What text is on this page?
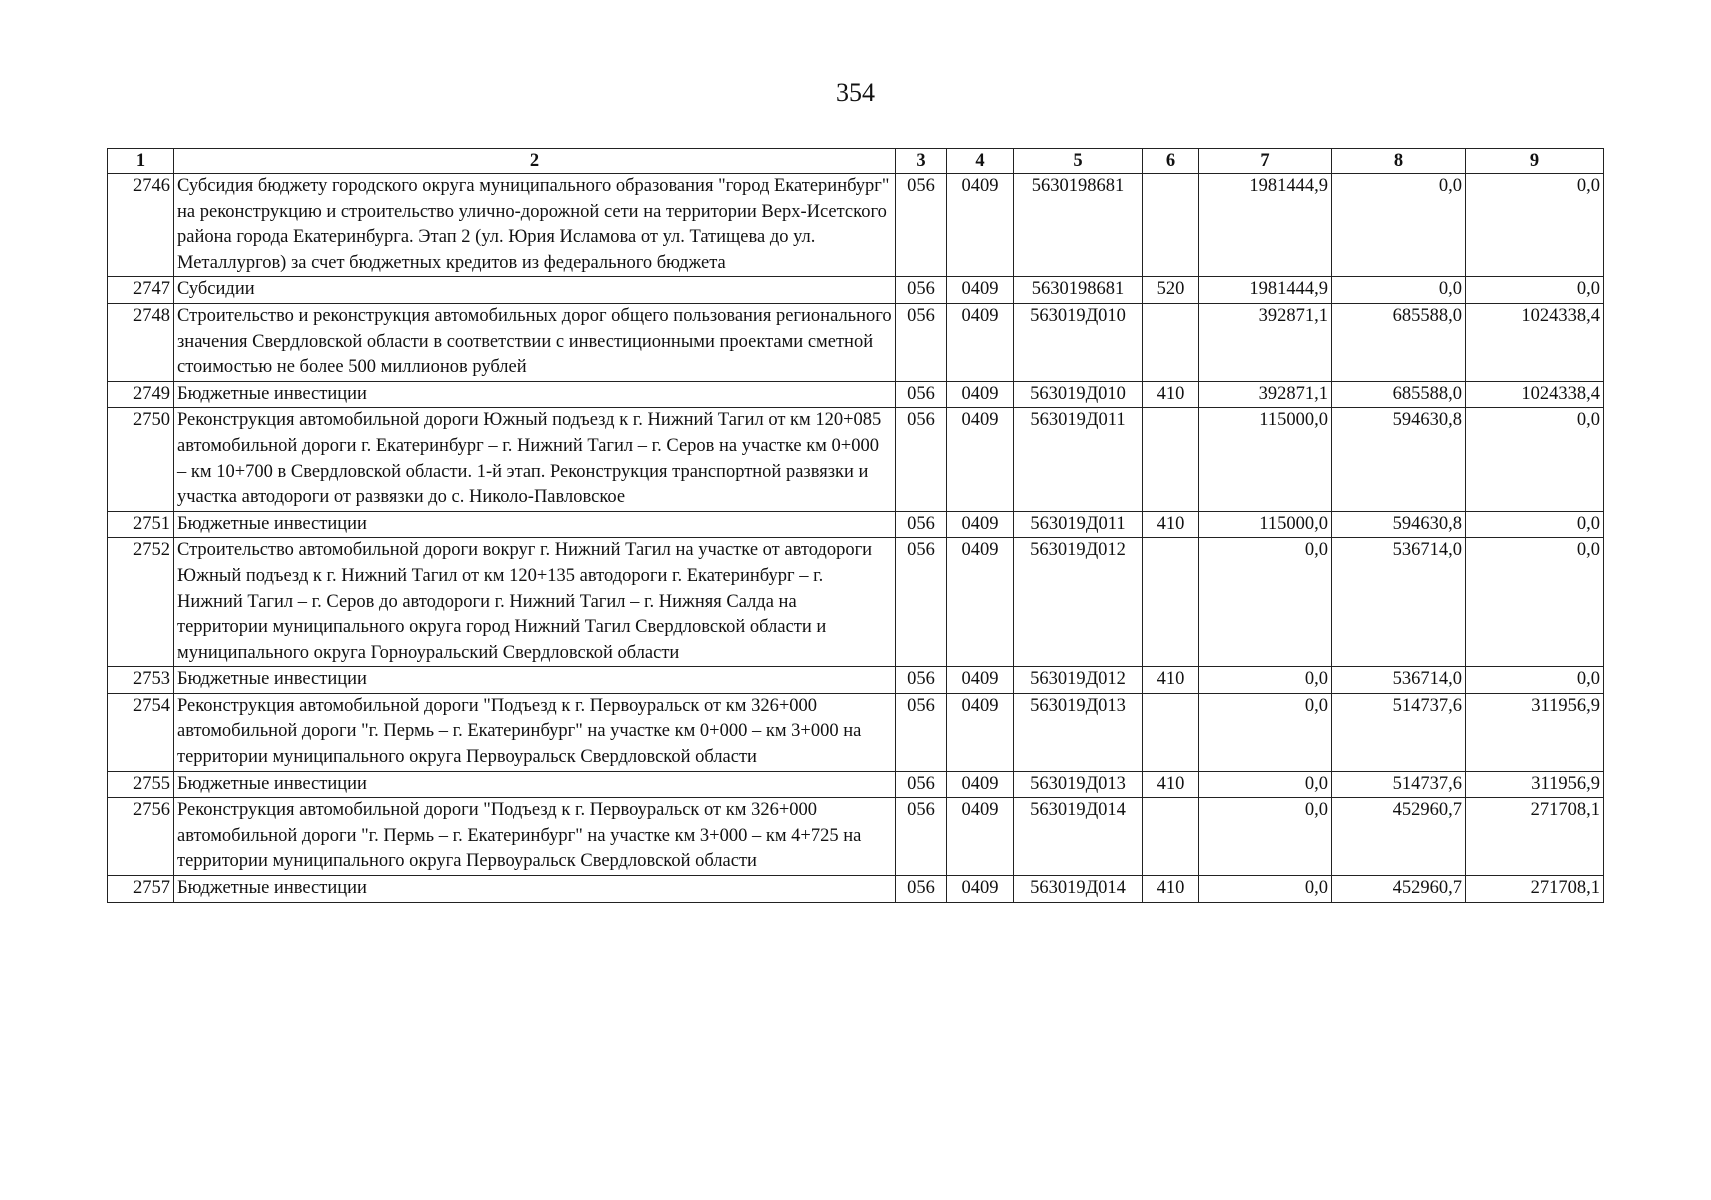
354
1	2	3	4	5	6	7	8	9
2746	Субсидия бюджету городского округа муниципального образования "город Екатеринбург" на реконструкцию и строительство улично-дорожной сети на территории Верх-Исетского района города Екатеринбурга. Этап 2 (ул. Юрия Исламова от ул. Татищева до ул. Металлургов) за счет бюджетных кредитов из федерального бюджета	056	0409	5630198681		1981444,9	0,0	0,0
2747	Субсидии	056	0409	5630198681	520	1981444,9	0,0	0,0
2748	Строительство и реконструкция автомобильных дорог общего пользования регионального значения Свердловской области в соответствии с инвестиционными проектами сметной стоимостью не более 500 миллионов рублей	056	0409	563019Д010		392871,1	685588,0	1024338,4
2749	Бюджетные инвестиции	056	0409	563019Д010	410	392871,1	685588,0	1024338,4
2750	Реконструкция автомобильной дороги Южный подъезд к г. Нижний Тагил от км 120+085 автомобильной дороги г. Екатеринбург – г. Нижний Тагил – г. Серов на участке км 0+000 – км 10+700 в Свердловской области. 1-й этап. Реконструкция транспортной развязки и участка автодороги от развязки до с. Николо-Павловское	056	0409	563019Д011		115000,0	594630,8	0,0
2751	Бюджетные инвестиции	056	0409	563019Д011	410	115000,0	594630,8	0,0
2752	Строительство автомобильной дороги вокруг г. Нижний Тагил на участке от автодороги Южный подъезд к г. Нижний Тагил от км 120+135 автодороги г. Екатеринбург – г. Нижний Тагил – г. Серов до автодороги г. Нижний Тагил – г. Нижняя Салда на территории муниципального округа город Нижний Тагил Свердловской области и муниципального округа Горноуральский Свердловской области	056	0409	563019Д012		0,0	536714,0	0,0
2753	Бюджетные инвестиции	056	0409	563019Д012	410	0,0	536714,0	0,0
2754	Реконструкция автомобильной дороги "Подъезд к г. Первоуральск от км 326+000 автомобильной дороги "г. Пермь – г. Екатеринбург" на участке км 0+000 – км 3+000 на территории муниципального округа Первоуральск Свердловской области	056	0409	563019Д013		0,0	514737,6	311956,9
2755	Бюджетные инвестиции	056	0409	563019Д013	410	0,0	514737,6	311956,9
2756	Реконструкция автомобильной дороги "Подъезд к г. Первоуральск от км 326+000 автомобильной дороги "г. Пермь – г. Екатеринбург" на участке км 3+000 – км 4+725 на территории муниципального округа Первоуральск Свердловской области	056	0409	563019Д014		0,0	452960,7	271708,1
2757	Бюджетные инвестиции	056	0409	563019Д014	410	0,0	452960,7	271708,1
